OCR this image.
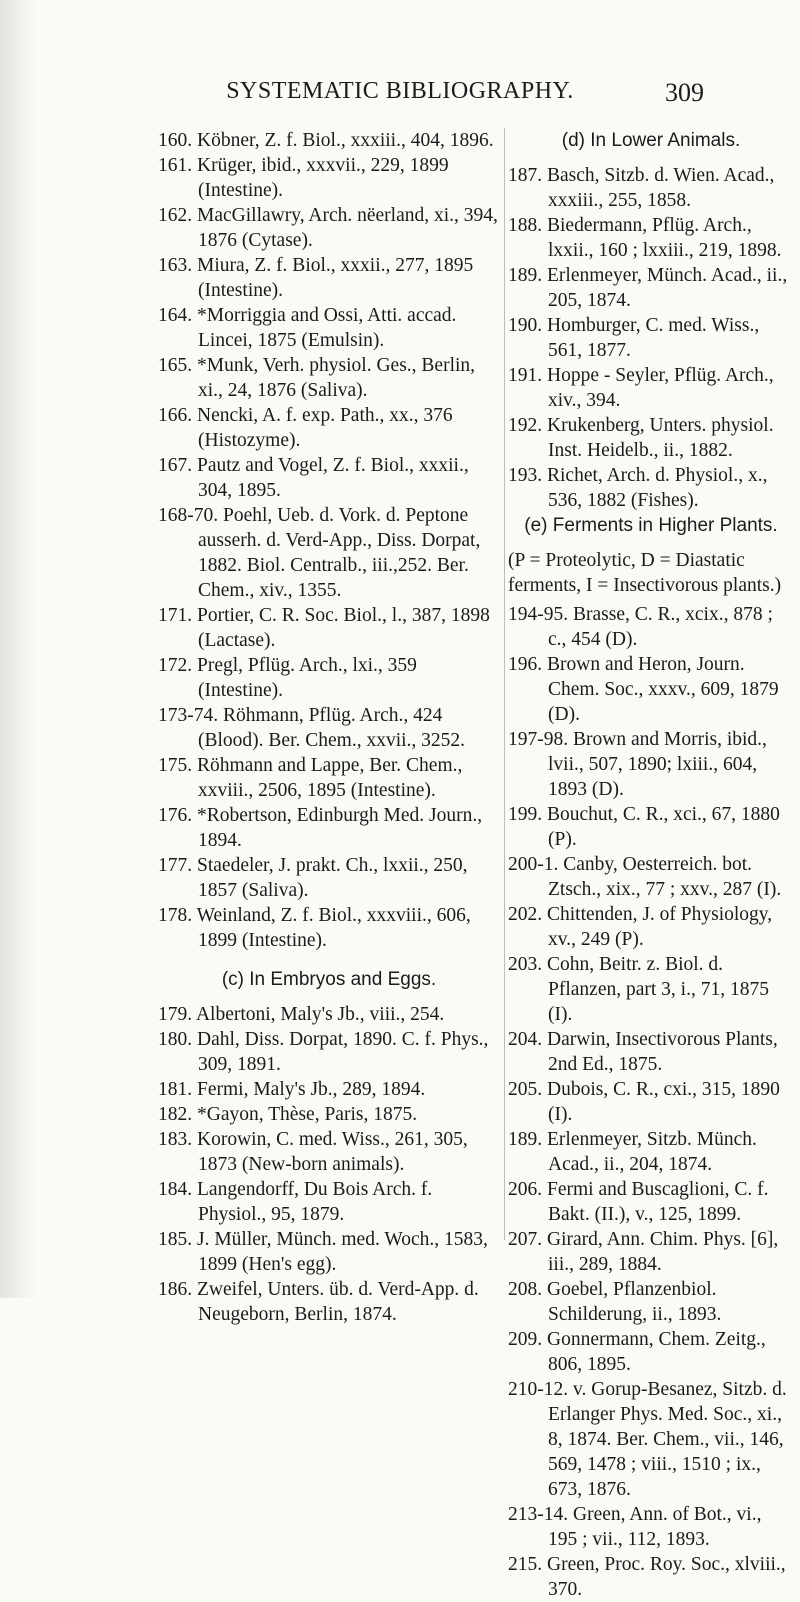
SYSTEMATIC BIBLIOGRAPHY.	309

160. Köbner, Z. f. Biol., xxxiii., 404, 1896.

161. Krüger, ibid., xxxvii., 229, 1899 (Intestine).

162. MacGillawry, Arch. nëerland, xi., 394, 1876 (Cytase).

163. Miura, Z. f. Biol., xxxii., 277, 1895 (Intestine).

164. *Morriggia and Ossi, Atti. accad. Lincei, 1875 (Emulsin).

165. *Munk, Verh. physiol. Ges., Berlin, xi., 24, 1876 (Saliva).

166. Nencki, A. f. exp. Path., xx., 376 (Histozyme).

167. Pautz and Vogel, Z. f. Biol., xxxii., 304, 1895.

168-70. Poehl, Ueb. d. Vork. d. Peptone ausserh. d. Verd-App., Diss. Dorpat, 1882. Biol. Centralb., iii.,252. Ber. Chem., xiv., 1355.

171. Portier, C. R. Soc. Biol., l., 387, 1898 (Lactase).

172. Pregl, Pflüg. Arch., lxi., 359 (Intestine).

173-74. Röhmann, Pflüg. Arch., 424 (Blood). Ber. Chem., xxvii., 3252.

175. Röhmann and Lappe, Ber. Chem., xxviii., 2506, 1895 (Intestine).

176. *Robertson, Edinburgh Med. Journ., 1894.

177. Staedeler, J. prakt. Ch., lxxii., 250, 1857 (Saliva).

178. Weinland, Z. f. Biol., xxxviii., 606, 1899 (Intestine).

(c) In Embryos and Eggs.

179. Albertoni, Maly's Jb., viii., 254.

180. Dahl, Diss. Dorpat, 1890. C. f. Phys., 309, 1891.

181. Fermi, Maly's Jb., 289, 1894.

182. *Gayon, Thèse, Paris, 1875.

183. Korowin, C. med. Wiss., 261, 305, 1873 (New-born animals).

184. Langendorff, Du Bois Arch. f. Physiol., 95, 1879.

185. J. Müller, Münch. med. Woch., 1583, 1899 (Hen's egg).

186. Zweifel, Unters. üb. d. Verd-App. d. Neugeborn, Berlin, 1874.

(d) In Lower Animals.

187. Basch, Sitzb. d. Wien. Acad., xxxiii., 255, 1858.

188. Biedermann, Pflüg. Arch., lxxii., 160 ; lxxiii., 219, 1898.

189. Erlenmeyer, Münch. Acad., ii., 205, 1874.

190. Homburger, C. med. Wiss., 561, 1877.

191. Hoppe - Seyler, Pflüg. Arch., xiv., 394.

192. Krukenberg, Unters. physiol. Inst. Heidelb., ii., 1882.

193. Richet, Arch. d. Physiol., x., 536, 1882 (Fishes).

(e) Ferments in Higher Plants.

(P = Proteolytic, D = Diastatic ferments, I = Insectivorous plants.)

194-95. Brasse, C. R., xcix., 878 ; c., 454 (D).

196. Brown and Heron, Journ. Chem. Soc., xxxv., 609, 1879 (D).

197-98. Brown and Morris, ibid., lvii., 507, 1890; lxiii., 604, 1893 (D).

199. Bouchut, C. R., xci., 67, 1880 (P).

200-1. Canby, Oesterreich. bot. Ztsch., xix., 77 ; xxv., 287 (I).

202. Chittenden, J. of Physiology, xv., 249 (P).

203. Cohn, Beitr. z. Biol. d. Pflanzen, part 3, i., 71, 1875 (I).

204. Darwin, Insectivorous Plants, 2nd Ed., 1875.

205. Dubois, C. R., cxi., 315, 1890 (I).

189. Erlenmeyer, Sitzb. Münch. Acad., ii., 204, 1874.

206. Fermi and Buscaglioni, C. f. Bakt. (II.), v., 125, 1899.

207. Girard, Ann. Chim. Phys. [6], iii., 289, 1884.

208. Goebel, Pflanzenbiol. Schilderung, ii., 1893.

209. Gonnermann, Chem. Zeitg., 806, 1895.

210-12. v. Gorup-Besanez, Sitzb. d. Erlanger Phys. Med. Soc., xi., 8, 1874. Ber. Chem., vii., 146, 569, 1478 ; viii., 1510 ; ix., 673, 1876.

213-14. Green, Ann. of Bot., vi., 195 ; vii., 112, 1893.

215. Green, Proc. Roy. Soc., xlviii., 370.
